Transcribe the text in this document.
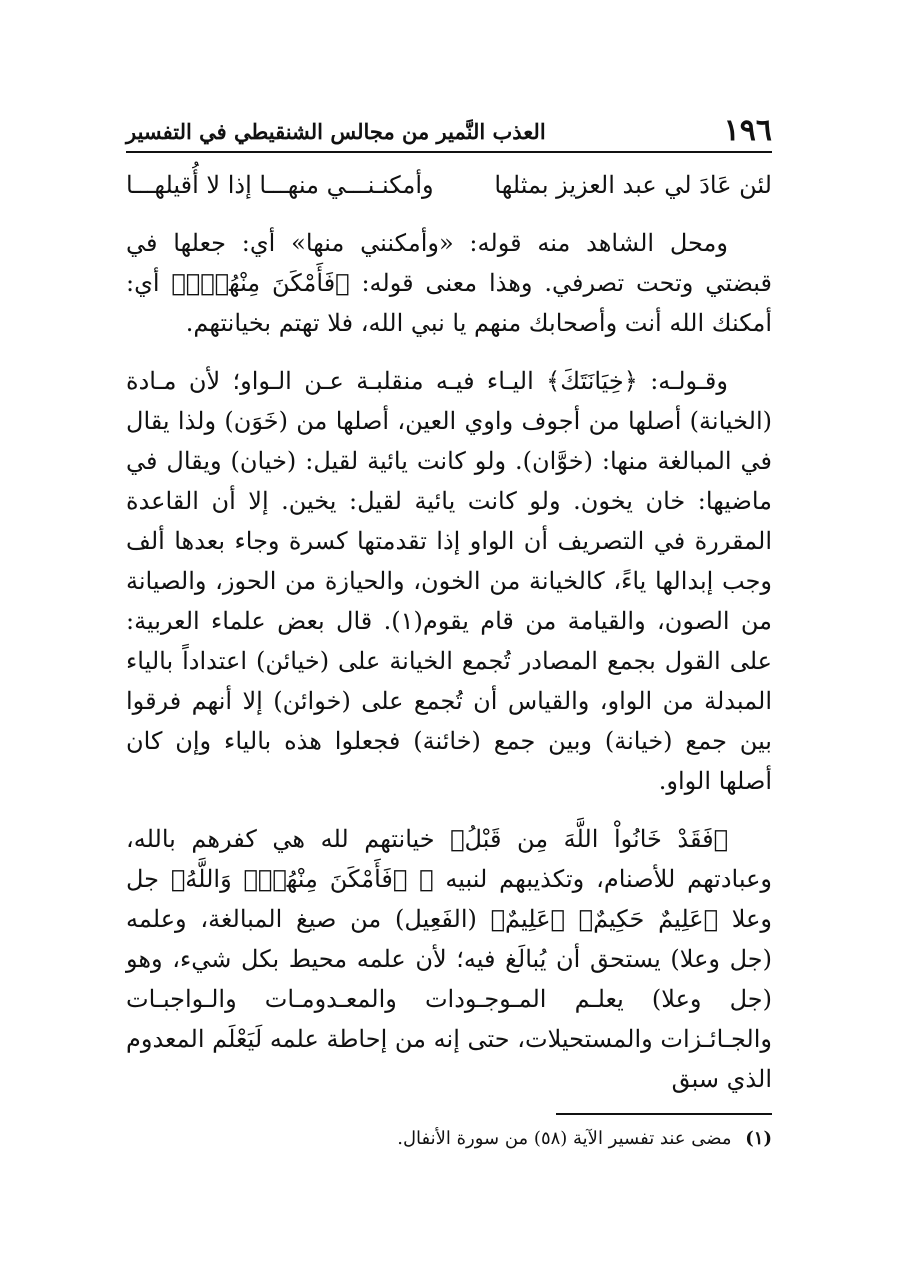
١٩٦
العذب النَّمير من مجالس الشنقيطي في التفسير
لئن عَادَ لي عبد العزيز بمثلها
وأمكنـنـــي منهـــا إذا لا أُقيلهـــا

ومحل الشاهد منه قوله: «وأمكنني منها» أي: جعلها في قبضتي وتحت تصرفي. وهذا معنى قوله: ﴿فَأَمْكَنَ مِنْهُمْۗ﴾ أي: أمكنك الله أنت وأصحابك منهم يا نبي الله، فلا تهتم بخيانتهم.

وقـولـه: ﴿خِيَانَتَكَ﴾ اليـاء فيـه منقلبـة عـن الـواو؛ لأن مـادة (الخيانة) أصلها من أجوف واوي العين، أصلها من (خَوَن) ولذا يقال في المبالغة منها: (خوَّان). ولو كانت يائية لقيل: (خيان) ويقال في ماضيها: خان يخون. ولو كانت يائية لقيل: يخين. إلا أن القاعدة المقررة في التصريف أن الواو إذا تقدمتها كسرة وجاء بعدها ألف وجب إبدالها ياءً، كالخيانة من الخون، والحيازة من الحوز، والصيانة من الصون، والقيامة من قام يقوم(١). قال بعض علماء العربية: على القول بجمع المصادر تُجمع الخيانة على (خيائن) اعتداداً بالياء المبدلة من الواو، والقياس أن تُجمع على (خوائن) إلا أنهم فرقوا بين جمع (خيانة) وبين جمع (خائنة) فجعلوا هذه بالياء وإن كان أصلها الواو.

﴿فَقَدْ خَانُواْ اللَّهَ مِن قَبْلُ﴾ خيانتهم لله هي كفرهم بالله، وعبادتهم للأصنام، وتكذيبهم لنبيه ﷺ ﴿فَأَمْكَنَ مِنْهُمْۗ وَاللَّهُ﴾ جل وعلا ﴿عَلِيمٌ حَكِيمٌ﴾ ﴿عَلِيمٌ﴾ (الفَعِيل) من صيغ المبالغة، وعلمه (جل وعلا) يستحق أن يُبالَغ فيه؛ لأن علمه محيط بكل شيء، وهو (جل وعلا) يعلـم المـوجـودات والمعـدومـات والـواجبـات والجـائـزات والمستحيلات، حتى إنه من إحاطة علمه لَيَعْلَم المعدوم الذي سبق

(١) مضى عند تفسير الآية (٥٨) من سورة الأنفال.
